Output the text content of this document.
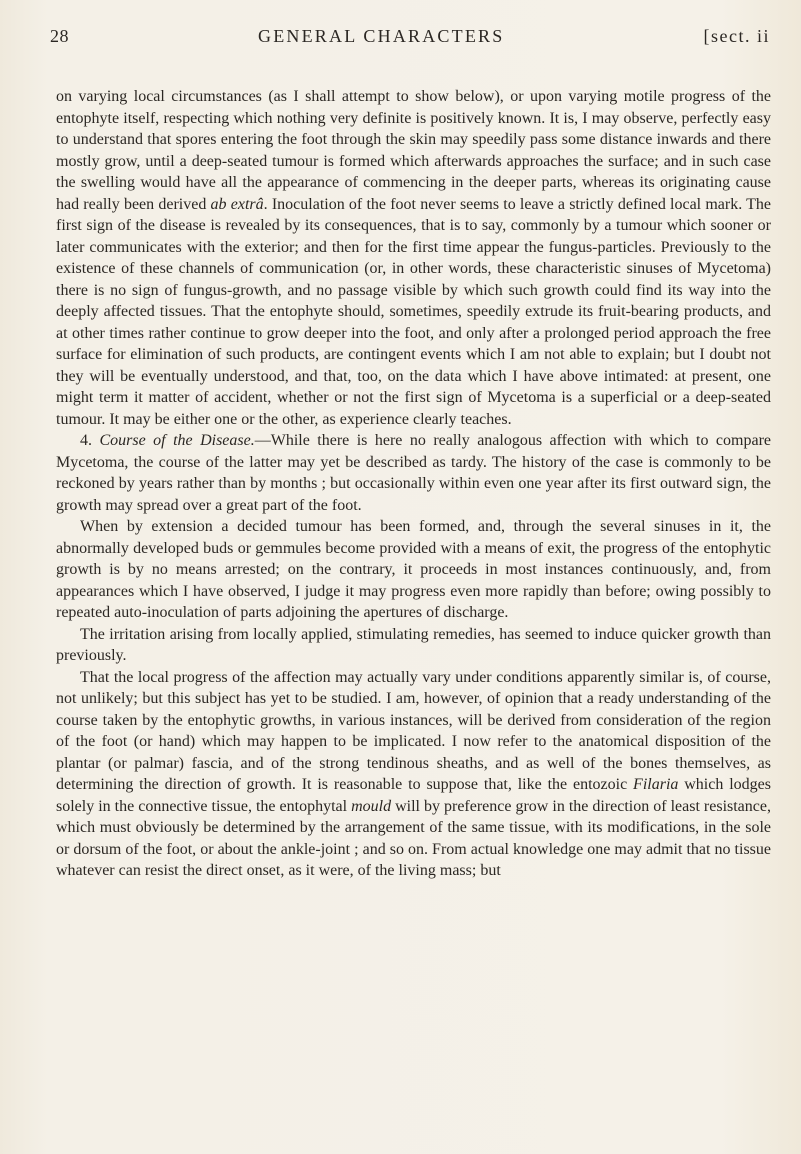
28	GENERAL CHARACTERS	[sect. ii

on varying local circumstances (as I shall attempt to show below), or upon varying motile progress of the entophyte itself, respecting which nothing very definite is positively known. It is, I may observe, perfectly easy to understand that spores entering the foot through the skin may speedily pass some distance inwards and there mostly grow, until a deep-seated tumour is formed which afterwards approaches the surface; and in such case the swelling would have all the appearance of commencing in the deeper parts, whereas its originating cause had really been derived ab extrâ. Inoculation of the foot never seems to leave a strictly defined local mark. The first sign of the disease is revealed by its consequences, that is to say, commonly by a tumour which sooner or later communicates with the exterior; and then for the first time appear the fungus-particles. Previously to the existence of these channels of communication (or, in other words, these characteristic sinuses of Mycetoma) there is no sign of fungus-growth, and no passage visible by which such growth could find its way into the deeply affected tissues. That the entophyte should, sometimes, speedily extrude its fruit-bearing products, and at other times rather continue to grow deeper into the foot, and only after a prolonged period approach the free surface for elimination of such products, are contingent events which I am not able to explain; but I doubt not they will be eventually understood, and that, too, on the data which I have above intimated: at present, one might term it matter of accident, whether or not the first sign of Mycetoma is a superficial or a deep-seated tumour. It may be either one or the other, as experience clearly teaches.

4. Course of the Disease.—While there is here no really analogous affection with which to compare Mycetoma, the course of the latter may yet be described as tardy. The history of the case is commonly to be reckoned by years rather than by months ; but occasionally within even one year after its first outward sign, the growth may spread over a great part of the foot.

When by extension a decided tumour has been formed, and, through the several sinuses in it, the abnormally developed buds or gemmules become provided with a means of exit, the progress of the entophytic growth is by no means arrested; on the contrary, it proceeds in most instances continuously, and, from appearances which I have observed, I judge it may progress even more rapidly than before; owing possibly to repeated auto-inoculation of parts adjoining the apertures of discharge.

The irritation arising from locally applied, stimulating remedies, has seemed to induce quicker growth than previously.

That the local progress of the affection may actually vary under conditions apparently similar is, of course, not unlikely; but this subject has yet to be studied. I am, however, of opinion that a ready understanding of the course taken by the entophytic growths, in various instances, will be derived from consideration of the region of the foot (or hand) which may happen to be implicated. I now refer to the anatomical disposition of the plantar (or palmar) fascia, and of the strong tendinous sheaths, and as well of the bones themselves, as determining the direction of growth. It is reasonable to suppose that, like the entozoic Filaria which lodges solely in the connective tissue, the entophytal mould will by preference grow in the direction of least resistance, which must obviously be determined by the arrangement of the same tissue, with its modifications, in the sole or dorsum of the foot, or about the ankle-joint ; and so on. From actual knowledge one may admit that no tissue whatever can resist the direct onset, as it were, of the living mass; but
